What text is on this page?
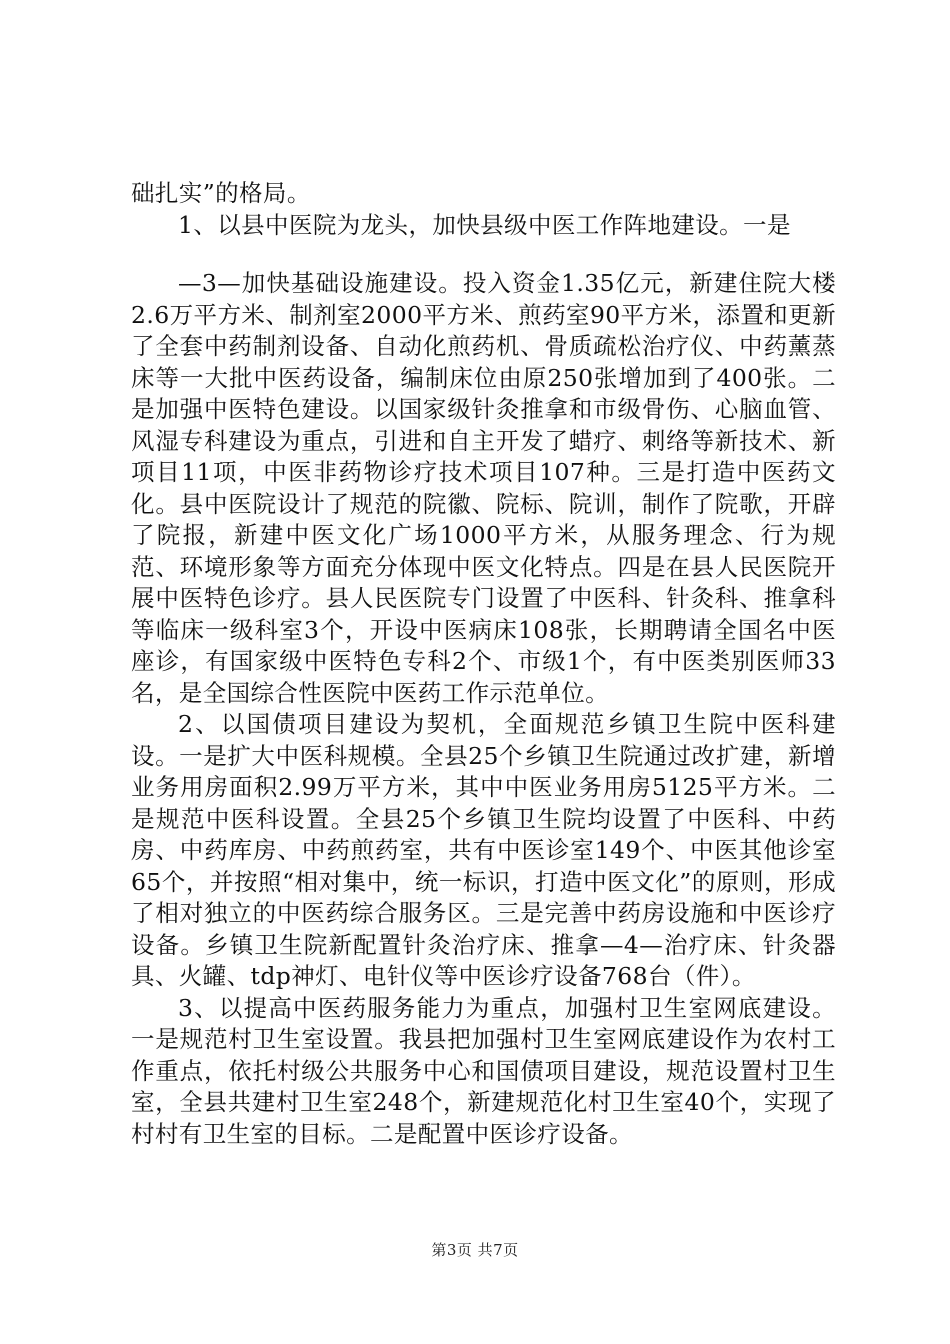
础扎实”的格局。

1、以县中医院为龙头，加快县级中医工作阵地建设。一是

—3—加快基础设施建设。投入资金1.35亿元，新建住院大楼2.6万平方米、制剂室2000平方米、煎药室90平方米，添置和更新了全套中药制剂设备、自动化煎药机、骨质疏松治疗仪、中药薰蒸床等一大批中医药设备，编制床位由原250张增加到了400张。二是加强中医特色建设。以国家级针灸推拿和市级骨伤、心脑血管、风湿专科建设为重点，引进和自主开发了蜡疗、刺络等新技术、新项目11项，中医非药物诊疗技术项目107种。三是打造中医药文化。县中医院设计了规范的院徽、院标、院训，制作了院歌，开辟了院报，新建中医文化广场1000平方米，从服务理念、行为规范、环境形象等方面充分体现中医文化特点。四是在县人民医院开展中医特色诊疗。县人民医院专门设置了中医科、针灸科、推拿科等临床一级科室3个，开设中医病床108张，长期聘请全国名中医座诊，有国家级中医特色专科2个、市级1个，有中医类别医师33名，是全国综合性医院中医药工作示范单位。

2、以国债项目建设为契机，全面规范乡镇卫生院中医科建设。一是扩大中医科规模。全县25个乡镇卫生院通过改扩建，新增业务用房面积2.99万平方米，其中中医业务用房5125平方米。二是规范中医科设置。全县25个乡镇卫生院均设置了中医科、中药房、中药库房、中药煎药室，共有中医诊室149个、中医其他诊室65个，并按照“相对集中，统一标识，打造中医文化”的原则，形成了相对独立的中医药综合服务区。三是完善中药房设施和中医诊疗设备。乡镇卫生院新配置针灸治疗床、推拿—4—治疗床、针灸器具、火罐、tdp神灯、电针仪等中医诊疗设备768台（件）。

3、以提高中医药服务能力为重点，加强村卫生室网底建设。一是规范村卫生室设置。我县把加强村卫生室网底建设作为农村工作重点，依托村级公共服务中心和国债项目建设，规范设置村卫生室，全县共建村卫生室248个，新建规范化村卫生室40个，实现了村村有卫生室的目标。二是配置中医诊疗设备。

第3页 共7页
